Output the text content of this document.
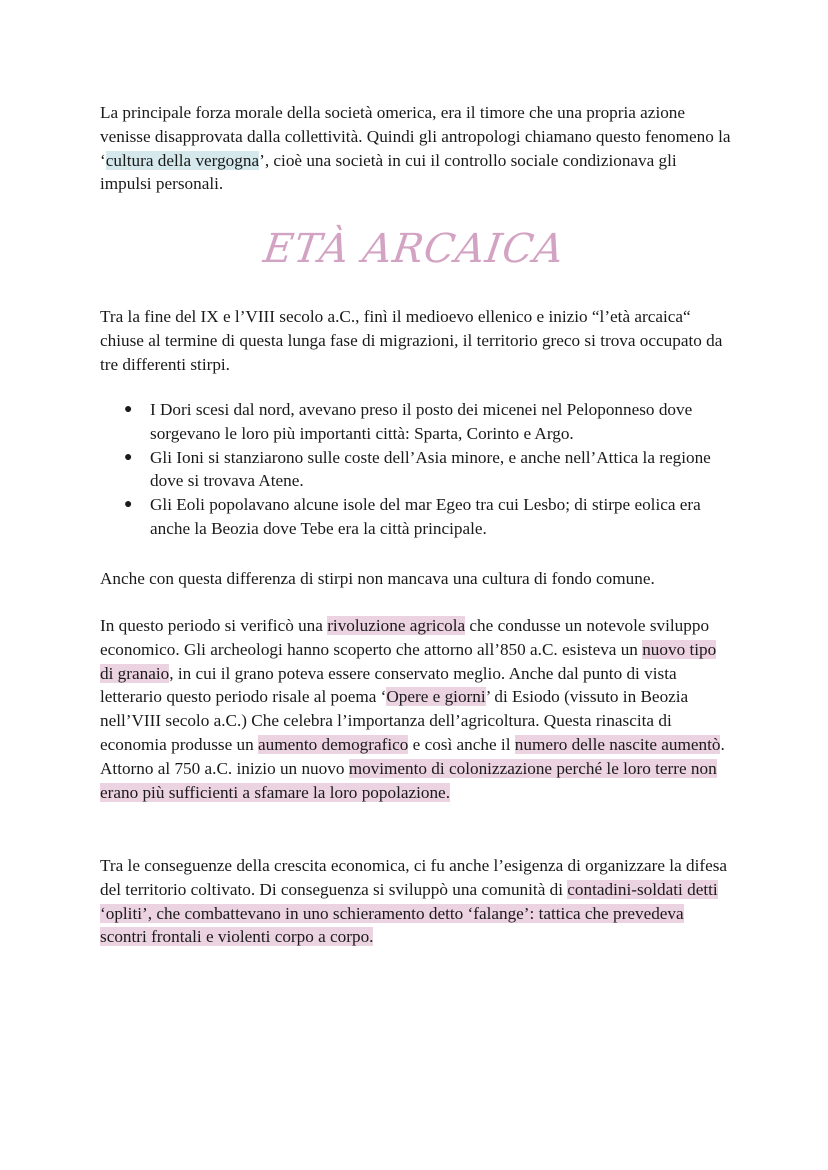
La principale forza morale della società omerica, era il timore che una propria azione venisse disapprovata dalla collettività. Quindi gli antropologi chiamano questo fenomeno la ‘cultura della vergogna’, cioè una società in cui il controllo sociale condizionava gli impulsi personali.

ETÀ ARCAICA

Tra la fine del IX e l’VIII secolo a.C., finì il medioevo ellenico e inizio “l’età arcaica“ chiuse al termine di questa lunga fase di migrazioni, il territorio greco si trova occupato da tre differenti stirpi.

● I Dori scesi dal nord, avevano preso il posto dei micenei nel Peloponneso dove sorgevano le loro più importanti città: Sparta, Corinto e Argo.
● Gli Ioni si stanziarono sulle coste dell’Asia minore, e anche nell’Attica la regione dove si trovava Atene.
● Gli Eoli popolavano alcune isole del mar Egeo tra cui Lesbo; di stirpe eolica era anche la Beozia dove Tebe era la città principale.

Anche con questa differenza di stirpi non mancava una cultura di fondo comune.

In questo periodo si verificò una rivoluzione agricola che condusse un notevole sviluppo economico. Gli archeologi hanno scoperto che attorno all’850 a.C. esisteva un nuovo tipo di granaio, in cui il grano poteva essere conservato meglio. Anche dal punto di vista letterario questo periodo risale al poema ‘Opere e giorni’ di Esiodo (vissuto in Beozia nell’VIII secolo a.C.) Che celebra l’importanza dell’agricoltura. Questa rinascita di economia produsse un aumento demografico e così anche il numero delle nascite aumentò.
Attorno al 750 a.C. inizio un nuovo movimento di colonizzazione perché le loro terre non erano più sufficienti a sfamare la loro popolazione.

Tra le conseguenze della crescita economica, ci fu anche l’esigenza di organizzare la difesa del territorio coltivato. Di conseguenza si sviluppò una comunità di contadini-soldati detti ‘opliti’, che combattevano in uno schieramento detto ‘falange’: tattica che prevedeva scontri frontali e violenti corpo a corpo.
